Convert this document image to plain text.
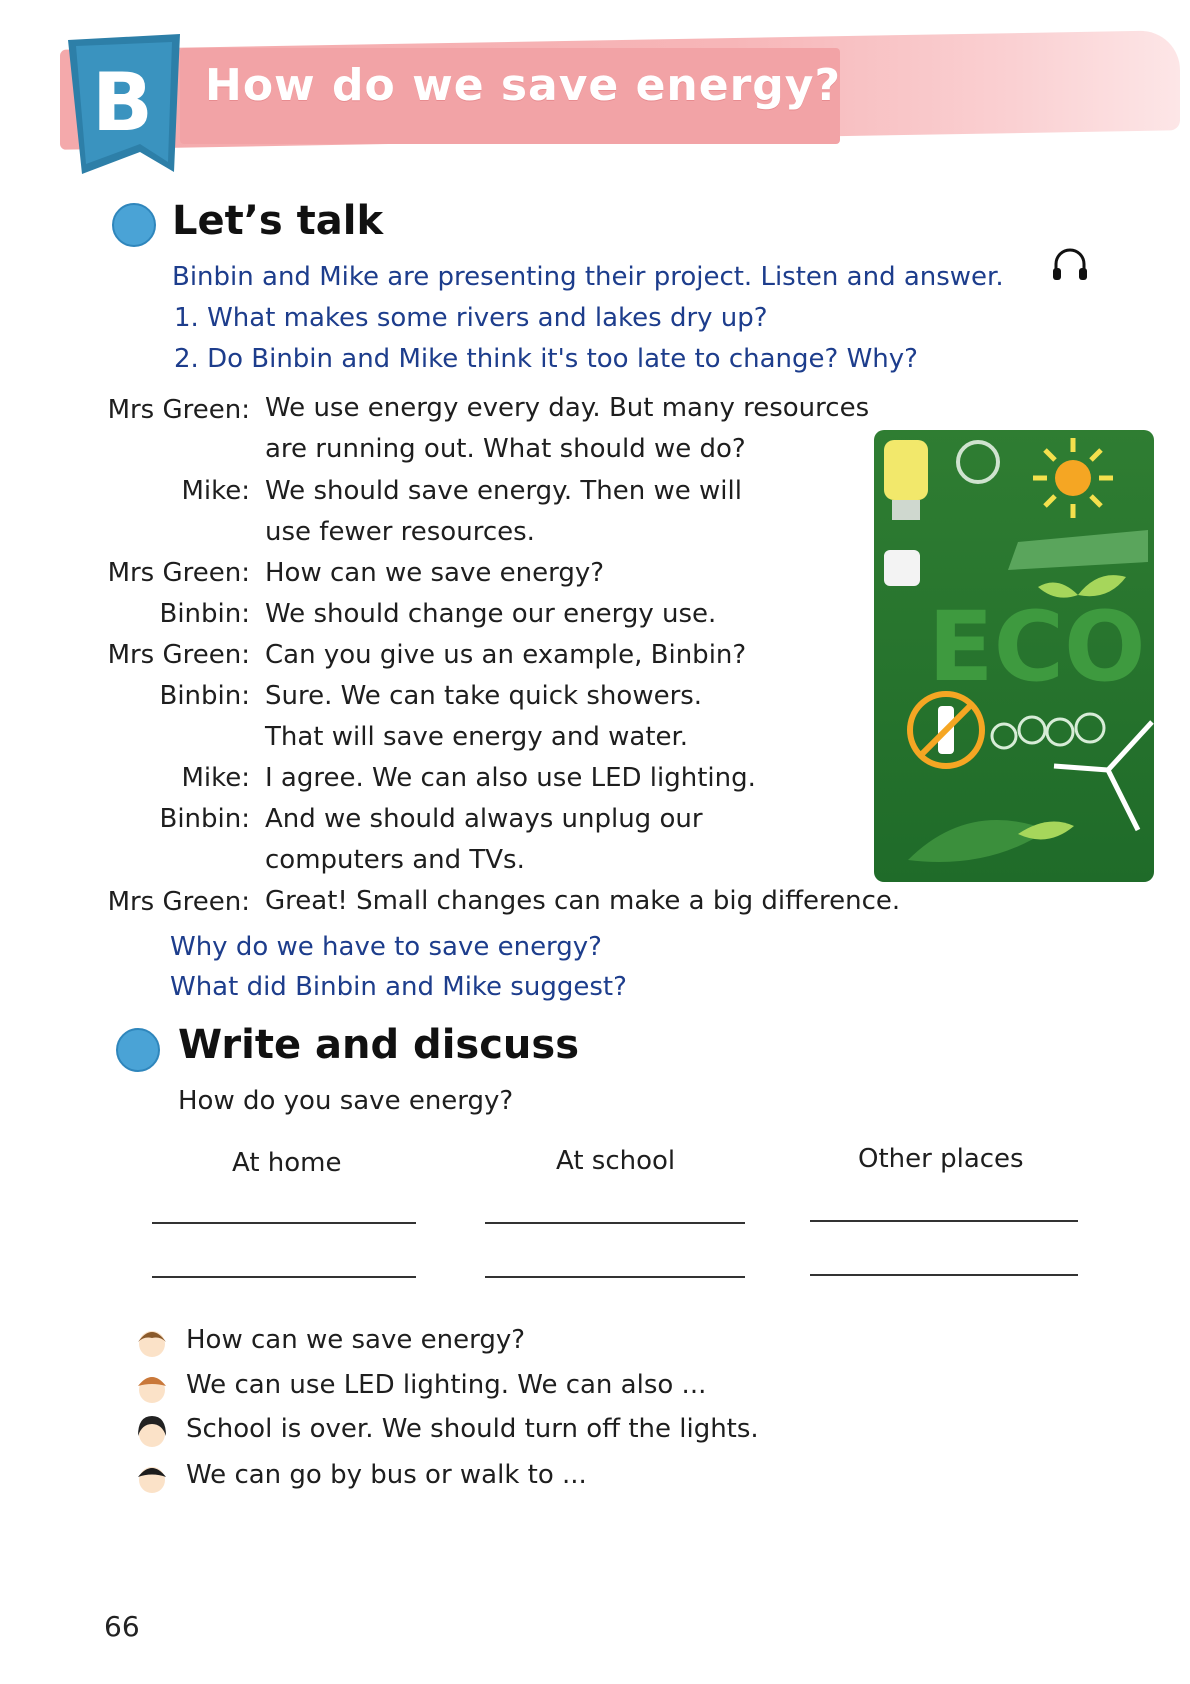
B How do we save energy?
Let’s talk
Binbin and Mike are presenting their project. Listen and answer.
1. What makes some rivers and lakes dry up?
2. Do Binbin and Mike think it's too late to change? Why?
Mrs Green: We use energy every day. But many resources
are running out. What should we do?
Mike: We should save energy. Then we will
use fewer resources.
Mrs Green: How can we save energy?
Binbin: We should change our energy use.
Mrs Green: Can you give us an example, Binbin?
Binbin: Sure. We can take quick showers.
That will save energy and water.
Mike: I agree. We can also use LED lighting.
Binbin: And we should always unplug our
computers and TVs.
Mrs Green: Great! Small changes can make a big difference.
ECO
Why do we have to save energy?
What did Binbin and Mike suggest?
Write and discuss
How do you save energy?
At home	At school	Other places
How can we save energy?
We can use LED lighting. We can also ...
School is over. We should turn off the lights.
We can go by bus or walk to ...
66
